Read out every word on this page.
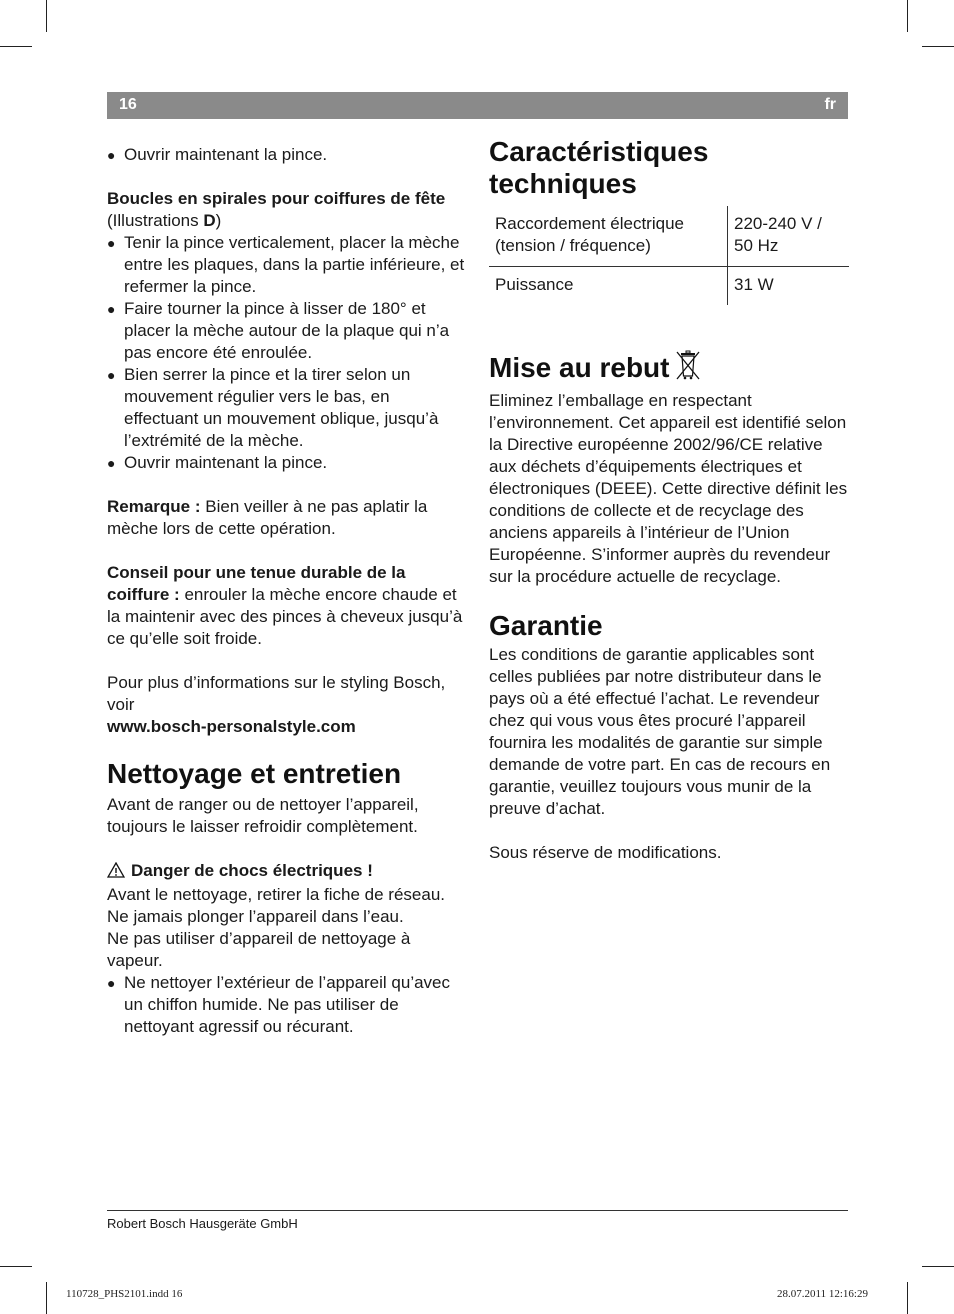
16	fr

● Ouvrir maintenant la pince.

Boucles en spirales pour coiffures de fête
(Illustrations D)

● Tenir la pince verticalement, placer la mèche entre les plaques, dans la partie inférieure, et refermer la pince.

● Faire tourner la pince à lisser de 180° et placer la mèche autour de la plaque qui n’a pas encore été enroulée.

● Bien serrer la pince et la tirer selon un mouvement régulier vers le bas, en effectuant un mouvement oblique, jusqu’à l’extrémité de la mèche.

● Ouvrir maintenant la pince.

Remarque : Bien veiller à ne pas aplatir la mèche lors de cette opération.

Conseil pour une tenue durable de la coiffure : enrouler la mèche encore chaude et la maintenir avec des pinces à cheveux jusqu’à ce qu’elle soit froide.

Pour plus d’informations sur le styling Bosch, voir

www.bosch-personalstyle.com

Nettoyage et entretien

Avant de ranger ou de nettoyer l’appareil, toujours le laisser refroidir complètement.

Danger de chocs électriques !

Avant le nettoyage, retirer la fiche de réseau.

Ne jamais plonger l’appareil dans l’eau.

Ne pas utiliser d’appareil de nettoyage à vapeur.

● Ne nettoyer l’extérieur de l’appareil qu’avec un chiffon humide. Ne pas utiliser de nettoyant agressif ou récurant.

Caractéristiques techniques
Raccordement électrique (tension / fréquence)	220-240 V / 50 Hz
Puissance	31 W
Mise au rebut

Eliminez l’emballage en respectant l’environnement. Cet appareil est identifié selon la Directive européenne 2002/96/CE relative aux déchets d’équipements électriques et électroniques (DEEE). Cette directive définit les conditions de collecte et de recyclage des anciens appareils à l’intérieur de l’Union Européenne. S’informer auprès du revendeur sur la procédure actuelle de recyclage.

Garantie

Les conditions de garantie applicables sont celles publiées par notre distributeur dans le pays où a été effectué l’achat. Le revendeur chez qui vous vous êtes procuré l’appareil fournira les modalités de garantie sur simple demande de votre part. En cas de recours en garantie, veuillez toujours vous munir de la preuve d’achat.

Sous réserve de modifications.

Robert Bosch Hausgeräte GmbH
110728_PHS2101.indd 16	28.07.2011 12:16:29
